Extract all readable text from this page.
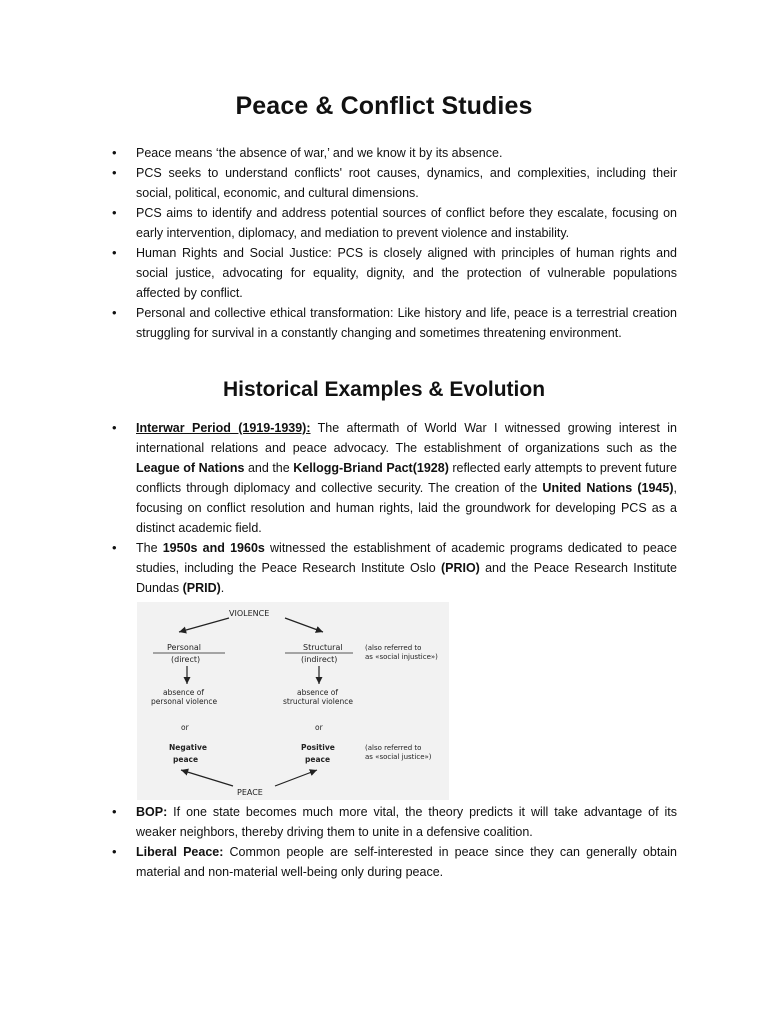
Peace & Conflict Studies
• Peace means ‘the absence of war,’ and we know it by its absence.
• PCS seeks to understand conflicts' root causes, dynamics, and complexities, including their social, political, economic, and cultural dimensions.
• PCS aims to identify and address potential sources of conflict before they escalate, focusing on early intervention, diplomacy, and mediation to prevent violence and instability.
• Human Rights and Social Justice: PCS is closely aligned with principles of human rights and social justice, advocating for equality, dignity, and the protection of vulnerable populations affected by conflict.
• Personal and collective ethical transformation: Like history and life, peace is a terrestrial creation struggling for survival in a constantly changing and sometimes threatening environment.
Historical Examples & Evolution
• Interwar Period (1919-1939): The aftermath of World War I witnessed growing interest in international relations and peace advocacy. The establishment of organizations such as the League of Nations and the Kellogg-Briand Pact(1928) reflected early attempts to prevent future conflicts through diplomacy and collective security. The creation of the United Nations (1945), focusing on conflict resolution and human rights, laid the groundwork for developing PCS as a distinct academic field.
• The 1950s and 1960s witnessed the establishment of academic programs dedicated to peace studies, including the Peace Research Institute Oslo (PRIO) and the Peace Research Institute Dundas (PRID).
VIOLENCE
Personal
(direct)
Structural
(indirect)
(also referred to
as «social injustice»)
absence of
personal violence
absence of
structural violence
or	or
Negative
peace
Positive
peace
(also referred to
as «social justice»)
PEACE
• BOP: If one state becomes much more vital, the theory predicts it will take advantage of its weaker neighbors, thereby driving them to unite in a defensive coalition.
• Liberal Peace: Common people are self-interested in peace since they can generally obtain material and non-material well-being only during peace.
